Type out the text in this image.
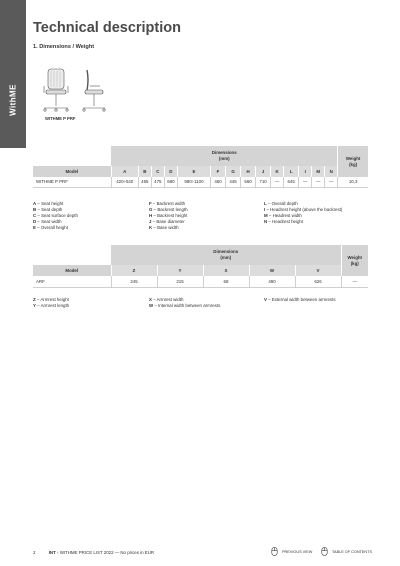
WithME
Technical description
1. Dimensions / Weight
WITHME P PRF
	Dimensions
(mm)														Weight
(kg)
Model	A	B	C	D	E	F	G	H	J	K	L	I	M	N	
WITHME P PRF	420÷540	455	475	680	980÷1100	460	445	560	710	—	645	—	—	—	10,3
A – Seat height
B – Seat depth
C – Seat surface depth
D – Seat width
E – Overall height
F – Backrest width
G – Backrest length
H – Backrest height
J – Base diameter
K – Base width
L – Overall depth
I – Headrest height (above the backrest)
M – Headrest width
N – Headrest height
	Dimensions
(mm)					Weight
(kg)
Model	Z	Y	X	W	V	
ARF	245	215	68	490	626	—
Z – Armrest height
Y – Armrest length
X – Armrest width
W – Internal width between armrests
V – External width between armrests
2	INT › WITHME PRICE LIST 2022 — No prices in EUR	PREVIOUS VIEW	TABLE OF CONTENTS
